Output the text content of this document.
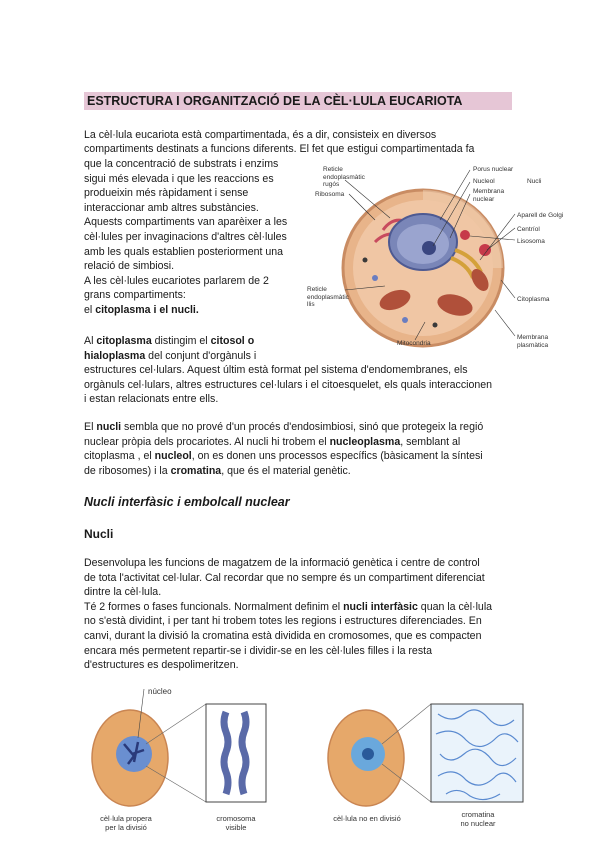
ESTRUCTURA I ORGANITZACIÓ DE LA CÈL·LULA EUCARIOTA

La cèl·lula eucariota està compartimentada, és a dir, consisteix en diversos

compartiments destinats a funcions diferents. El fet que estigui compartimentada fa

que la concentració de substrats i enzims

sigui més elevada i que les reaccions es

produeixin més ràpidament i sense

interaccionar amb altres substàncies.

Aquests compartiments van aparèixer a les

cèl·lules per invaginacions d'altres cèl·lules

amb les quals establien posteriorment una

relació de simbiosi.

A les cèl·lules eucariotes parlarem de 2

grans compartiments:

el citoplasma i el nucli.

Reticle
endoplasmàtic
rugós
Ribosoma
Porus nuclear
Nucleol
Membrana
nuclear
Nucli
Aparell de Golgi
Centríol
Lisosoma
Reticle
endoplasmàtic
llis
Citoplasma
Mitocondria
Membrana
plasmàtica

Al citoplasma distingim el citosol o

hialoplasma del conjunt d'orgànuls i

estructures cel·lulars. Aquest últim està format pel sistema d'endomembranes, els

orgànuls cel·lulars, altres estructures cel·lulars i el citoesquelet, els quals interaccionen

i estan relacionats entre ells.

El nucli sembla que no prové d'un procés d'endosimbiosi, sinó que protegeix la regió

nuclear pròpia dels procariotes. Al nucli hi trobem el nucleoplasma, semblant al

citoplasma , el nucleol, on es donen uns processos específics (bàsicament la síntesi

de ribosomes) i la cromatina, que és el material genètic.

Nucli interfàsic i embolcall nuclear
Nucli

Desenvolupa les funcions de magatzem de la informació genètica i centre de control

de tota l'activitat cel·lular. Cal recordar que no sempre és un compartiment diferenciat

dintre la cèl·lula.

Té 2 formes o fases funcionals. Normalment definim el nucli interfàsic quan la cèl·lula

no s'està dividint, i per tant hi trobem totes les regions i estructures diferenciades. En

canvi, durant la divisió la cromatina està dividida en cromosomes, que es compacten

encara més permetent repartir-se i dividir-se en les cèl·lules filles i la resta

d'estructures es despolimeritzen.

núcleo
cèl·lula propera
per la divisió
cromosoma
visible
cèl·lula no en divisió	cromatina
no nuclear
